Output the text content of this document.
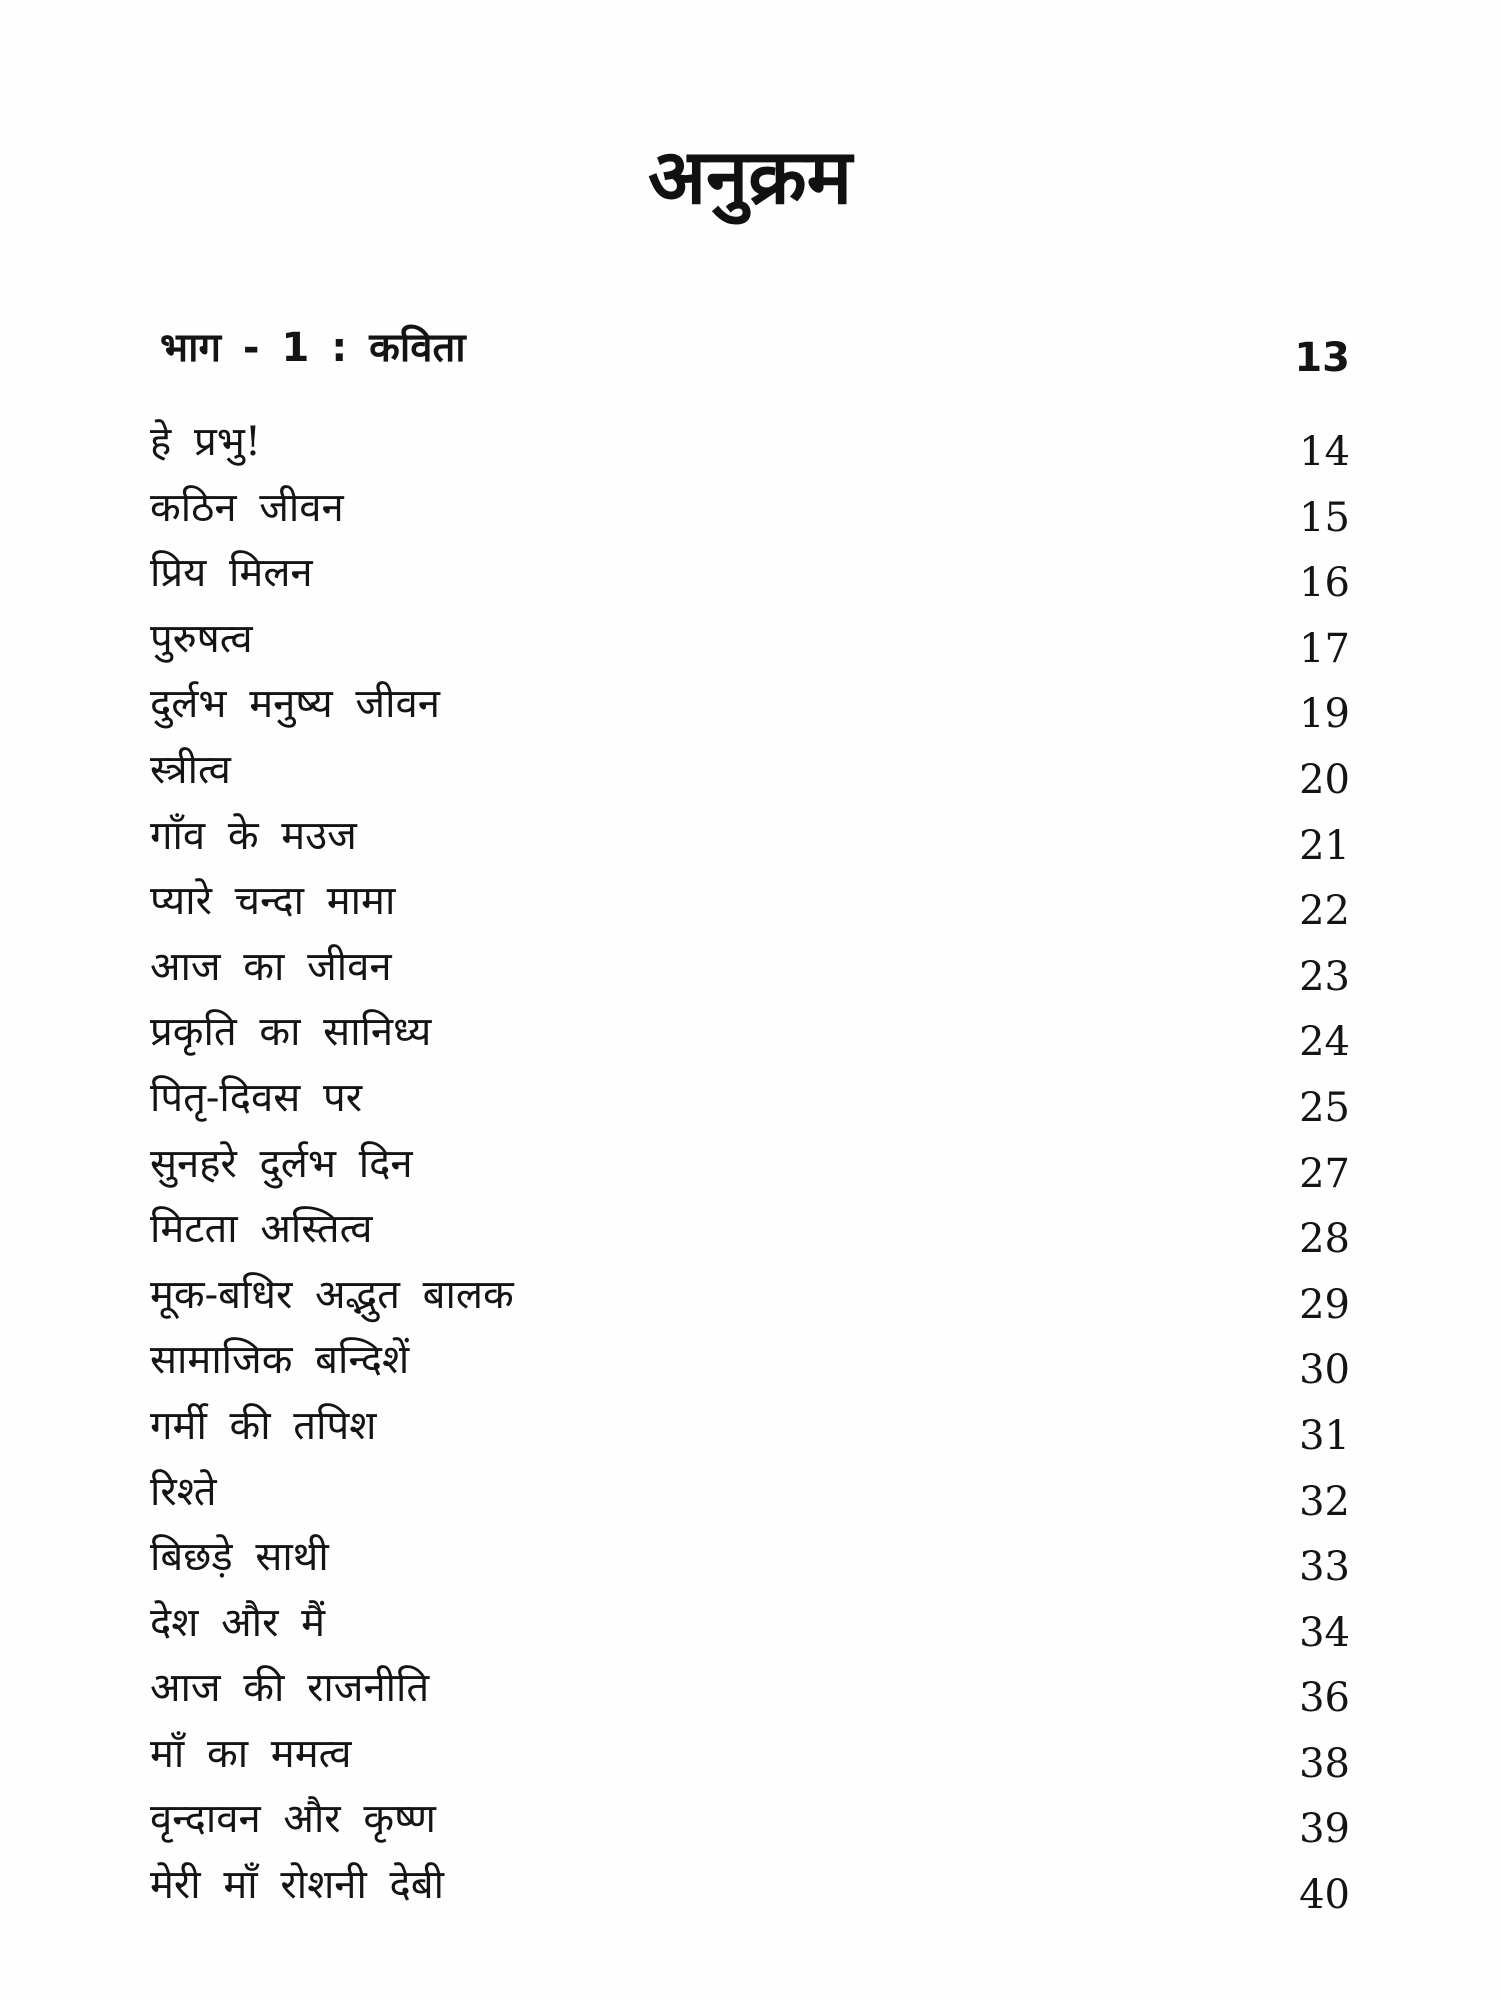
अनुक्रम
भाग - 1 : कविता	13
हे प्रभु!	14
कठिन जीवन	15
प्रिय मिलन	16
पुरुषत्व	17
दुर्लभ मनुष्य जीवन	19
स्त्रीत्व	20
गाँव के मउज	21
प्यारे चन्दा मामा	22
आज का जीवन	23
प्रकृति का सानिध्य	24
पितृ-दिवस पर	25
सुनहरे दुर्लभ दिन	27
मिटता अस्तित्व	28
मूक-बधिर अद्भुत बालक	29
सामाजिक बन्दिशें	30
गर्मी की तपिश	31
रिश्ते	32
बिछड़े साथी	33
देश और मैं	34
आज की राजनीति	36
माँ का ममत्व	38
वृन्दावन और कृष्ण	39
मेरी माँ रोशनी देबी	40
